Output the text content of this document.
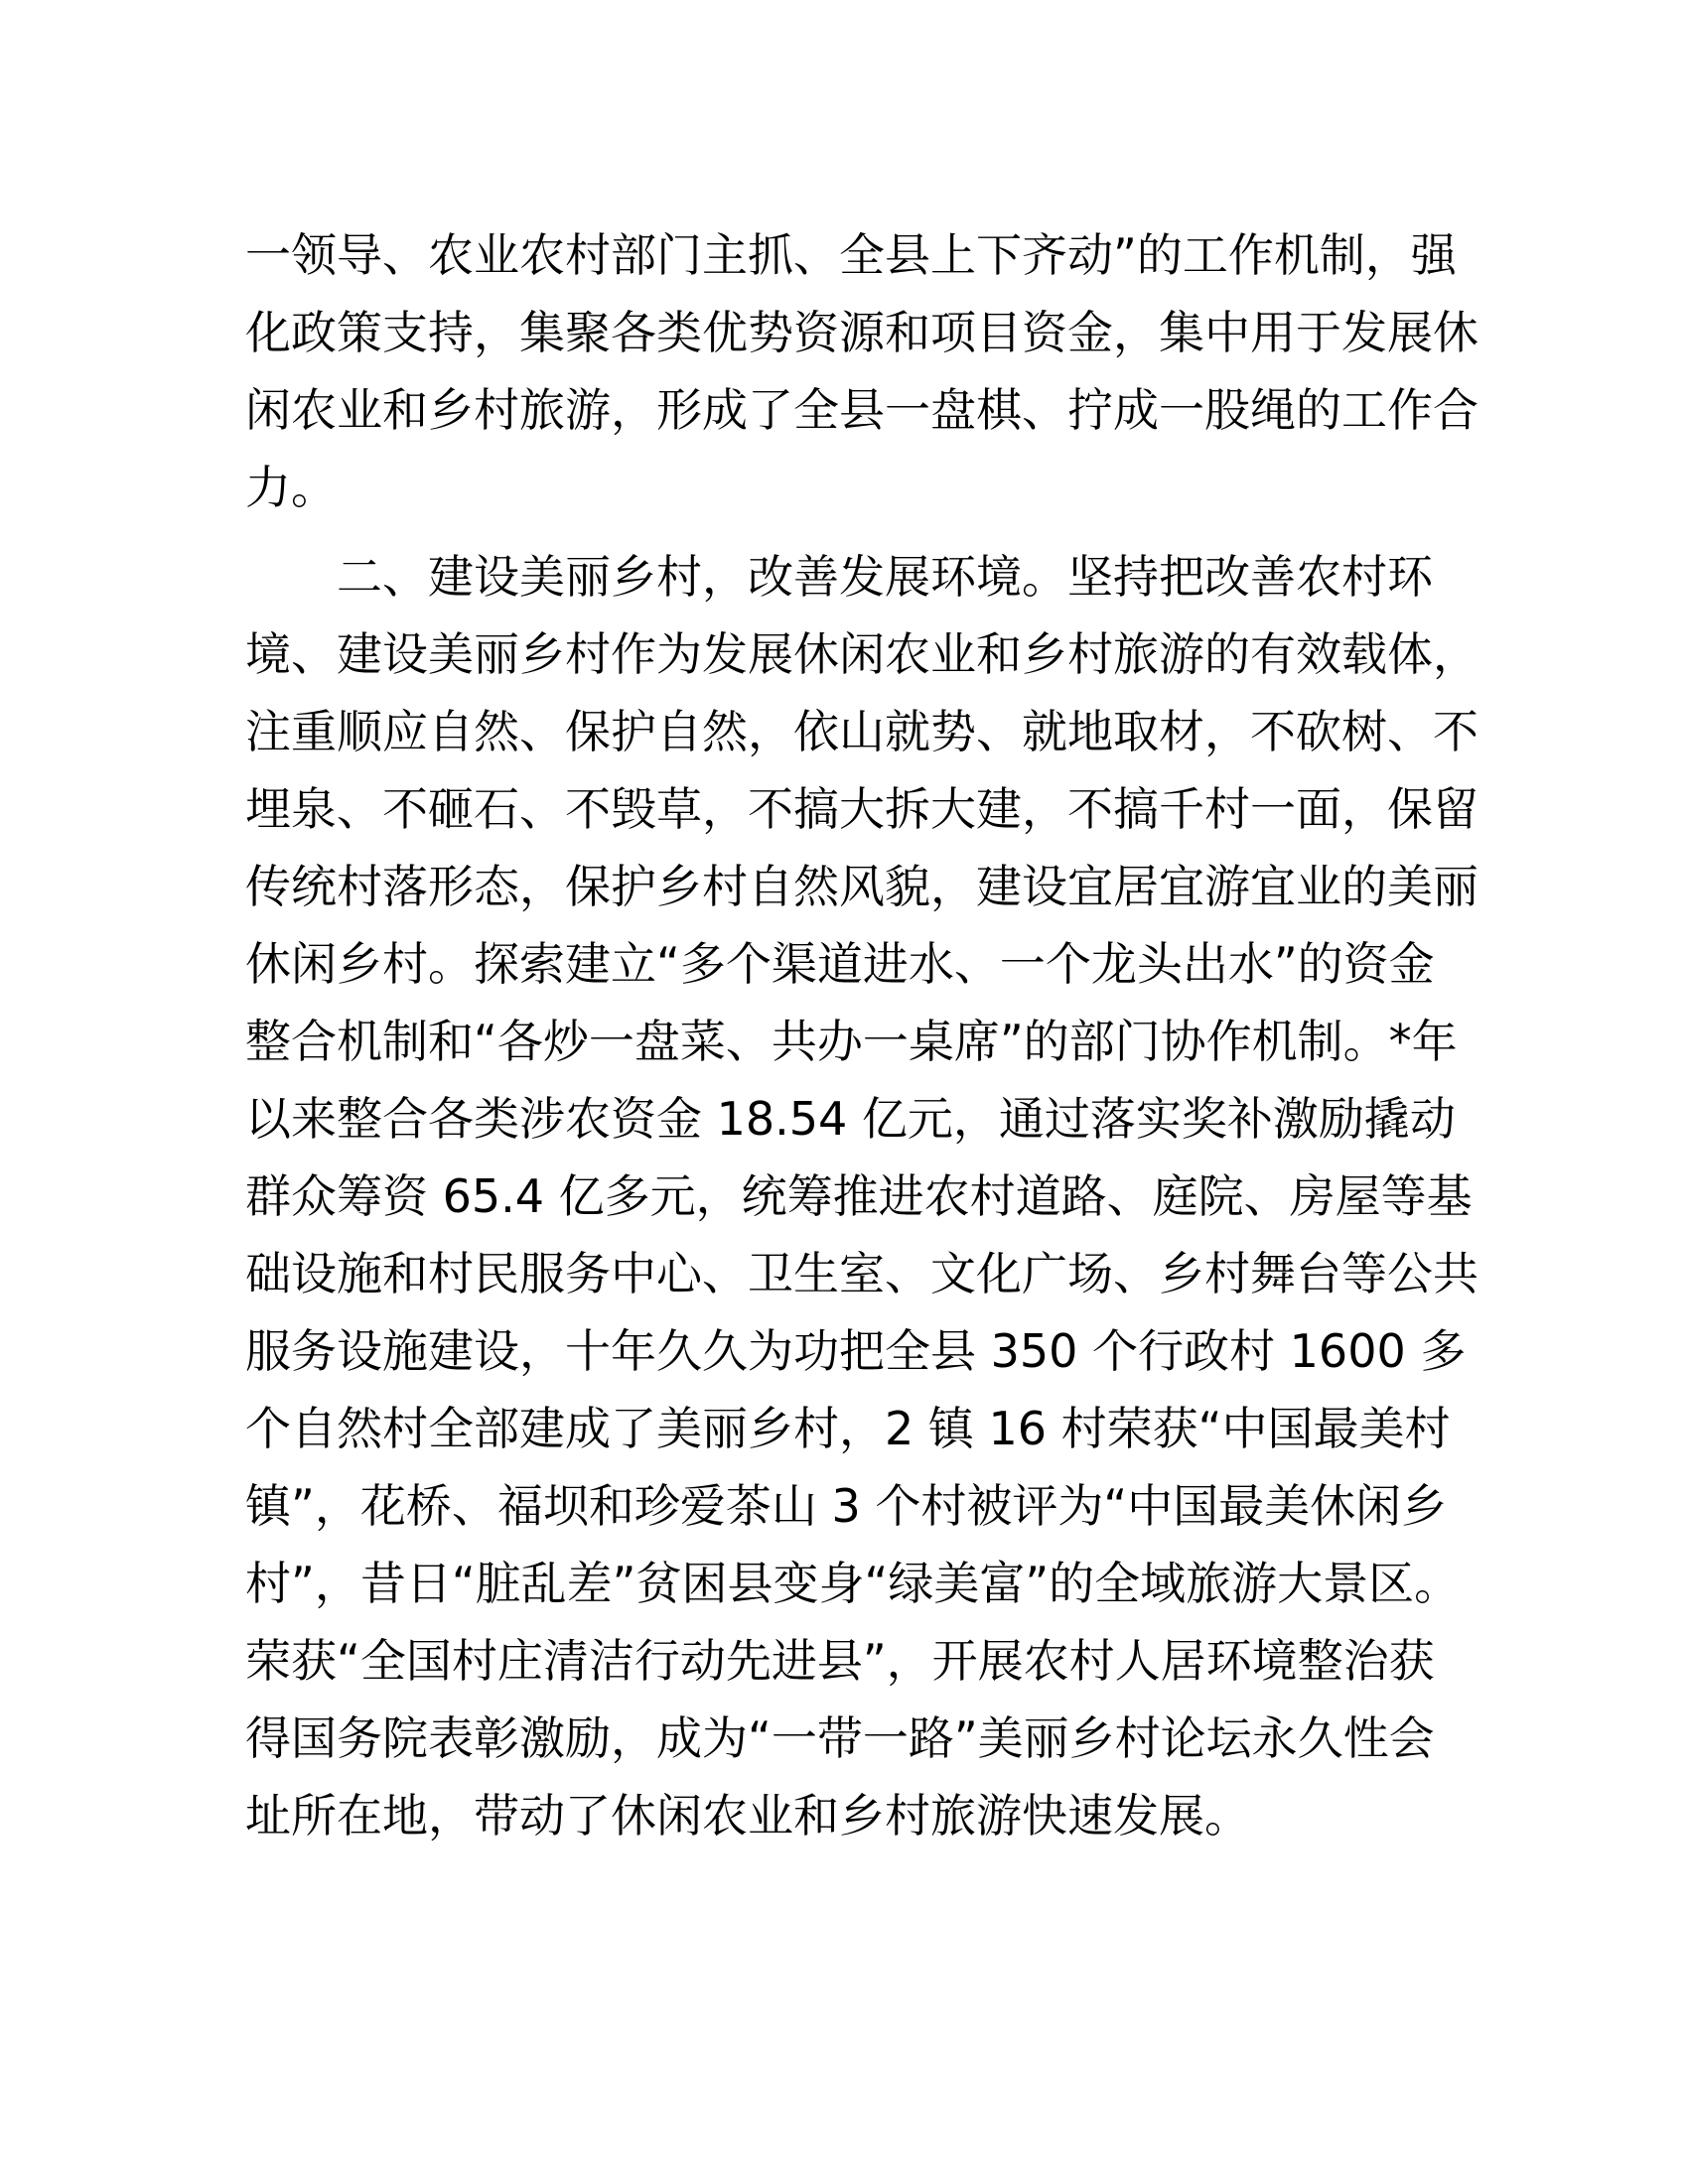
一领导、农业农村部门主抓、全县上下齐动”的工作机制，强
化政策支持，集聚各类优势资源和项目资金，集中用于发展休
闲农业和乡村旅游，形成了全县一盘棋、拧成一股绳的工作合
力。

二、建设美丽乡村，改善发展环境。坚持把改善农村环
境、建设美丽乡村作为发展休闲农业和乡村旅游的有效载体，
注重顺应自然、保护自然，依山就势、就地取材，不砍树、不
埋泉、不砸石、不毁草，不搞大拆大建，不搞千村一面，保留
传统村落形态，保护乡村自然风貌，建设宜居宜游宜业的美丽
休闲乡村。探索建立“多个渠道进水、一个龙头出水”的资金
整合机制和“各炒一盘菜、共办一桌席”的部门协作机制。*年
以来整合各类涉农资金 18.54 亿元，通过落实奖补激励撬动
群众筹资 65.4 亿多元，统筹推进农村道路、庭院、房屋等基
础设施和村民服务中心、卫生室、文化广场、乡村舞台等公共
服务设施建设，十年久久为功把全县 350 个行政村 1600 多
个自然村全部建成了美丽乡村，2 镇 16 村荣获“中国最美村
镇”，花桥、福坝和珍爱茶山 3 个村被评为“中国最美休闲乡
村”，昔日“脏乱差”贫困县变身“绿美富”的全域旅游大景区。
荣获“全国村庄清洁行动先进县”，开展农村人居环境整治获
得国务院表彰激励，成为“一带一路”美丽乡村论坛永久性会
址所在地，带动了休闲农业和乡村旅游快速发展。
